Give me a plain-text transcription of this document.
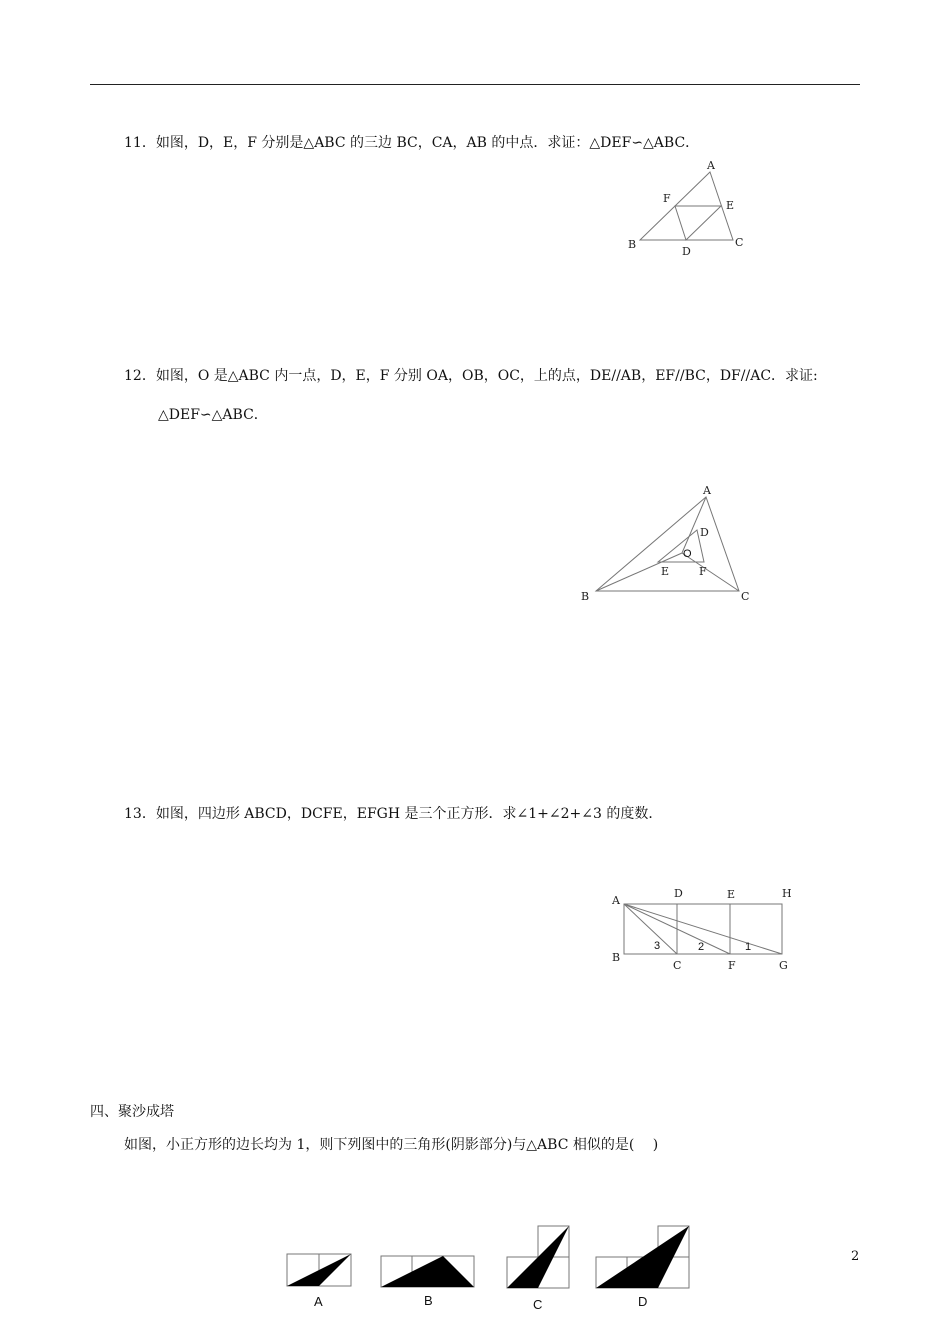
11．如图，D，E，F 分别是△ABC 的三边 BC，CA，AB 的中点．求证：△DEF∽△ABC．
A
B	C
D
E
F
A
B	C
D
E	F
O
A
B
C
D	E
F	G
H
1
2
3
A	B	C	D
12．如图，O 是△ABC 内一点，D，E，F 分别 OA，OB，OC，上的点，DE//AB，EF//BC，DF//AC．求证:
△DEF∽△ABC．
13．如图，四边形 ABCD，DCFE，EFGH 是三个正方形．求∠1+∠2+∠3 的度数．
四、聚沙成塔
如图，小正方形的边长均为 1，则下列图中的三角形(阴影部分)与△ABC 相似的是(　 )
2
